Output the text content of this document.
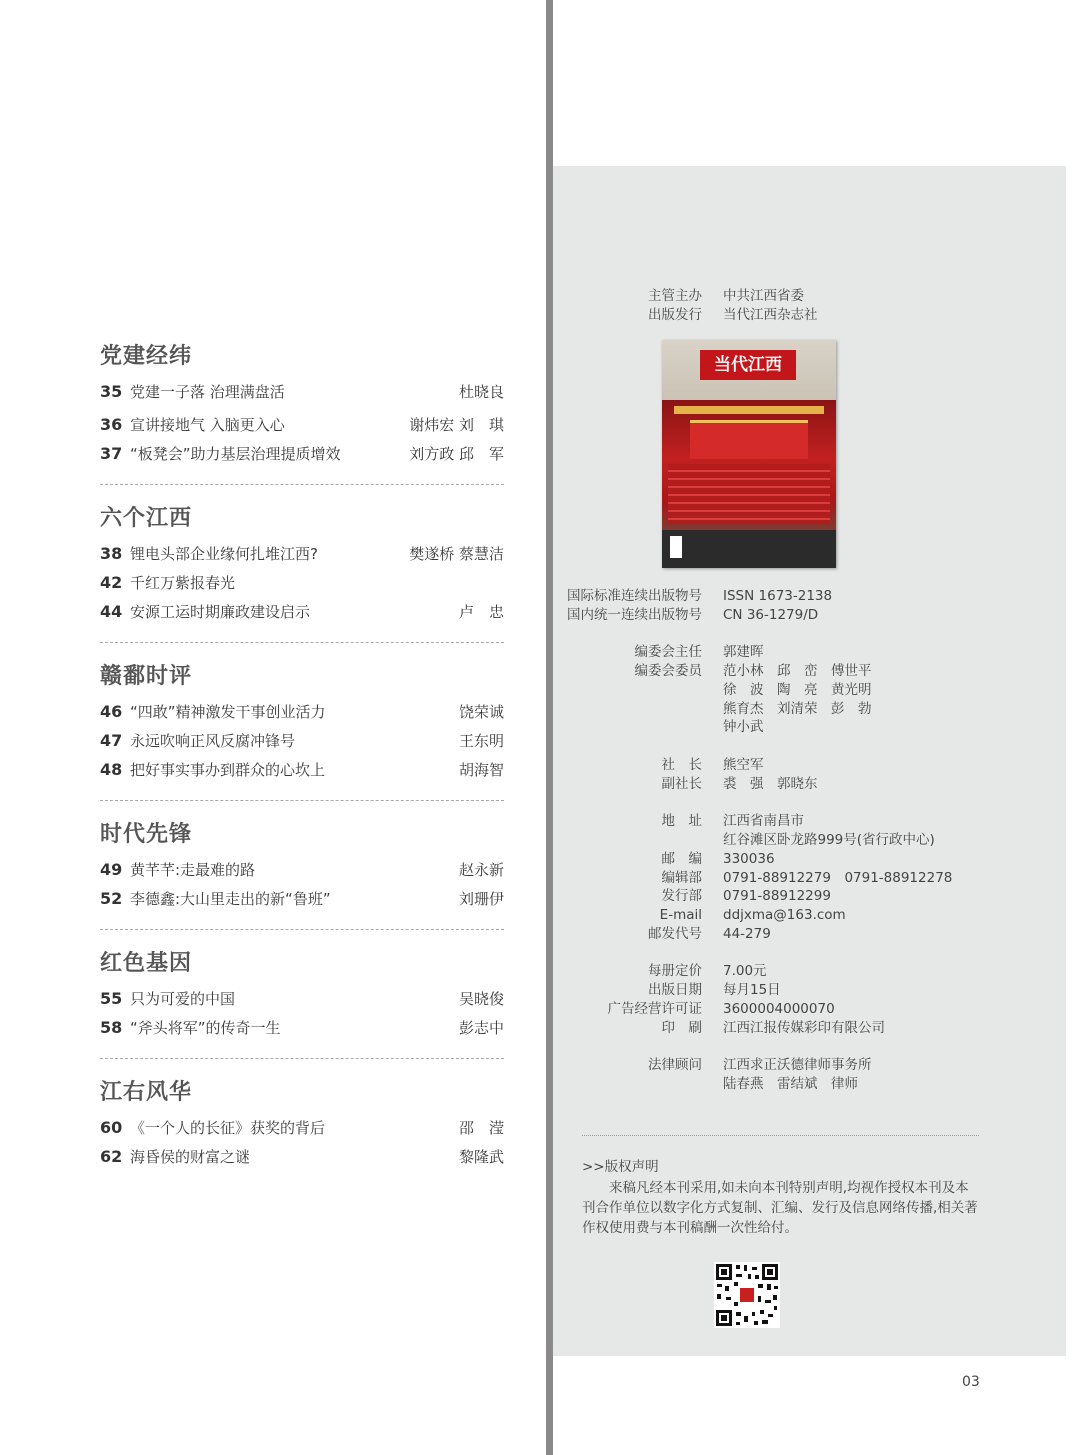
党建经纬
35 党建一子落 治理满盘活	杜晓良
36 宣讲接地气 入脑更入心	谢炜宏 刘　琪
37 “板凳会”助力基层治理提质增效	刘方政 邱　军
六个江西
38 锂电头部企业缘何扎堆江西?	樊遂桥 蔡慧洁
42 千红万紫报春光
44 安源工运时期廉政建设启示	卢　忠
赣鄱时评
46 “四敢”精神激发干事创业活力	饶荣诚
47 永远吹响正风反腐冲锋号	王东明
48 把好事实事办到群众的心坎上	胡海智
时代先锋
49 黄芊芊:走最难的路	赵永新
52 李德鑫:大山里走出的新“鲁班”	刘珊伊
红色基因
55 只为可爱的中国	吴晓俊
58 “斧头将军”的传奇一生	彭志中
江右风华
60 《一个人的长征》获奖的背后	邵　滢
62 海昏侯的财富之谜	黎隆武
主管主办 中共江西省委
出版发行 当代江西杂志社
当代江西
国际标准连续出版物号 ISSN 1673-2138
国内统一连续出版物号 CN 36-1279/D
编委会主任 郭建晖
编委会委员 范小林　邱　峦　傅世平
徐　波　陶　亮　黄光明
熊育杰　刘清荣　彭　勃
钟小武
社　长 熊空军
副社长 裘　强　郭晓东
地　址 江西省南昌市
红谷滩区卧龙路999号(省行政中心)
邮　编 330036
编辑部 0791-88912279　0791-88912278
发行部 0791-88912299
E-mail ddjxma@163.com
邮发代号 44-279
每册定价 7.00元
出版日期 每月15日
广告经营许可证 3600004000070
印　刷 江西江报传媒彩印有限公司
法律顾问 江西求正沃德律师事务所
陆春燕　雷结斌　律师
>>版权声明
来稿凡经本刊采用,如未向本刊特别声明,均视作授权本刊及本刊合作单位以数字化方式复制、汇编、发行及信息网络传播,相关著作权使用费与本刊稿酬一次性给付。
03
